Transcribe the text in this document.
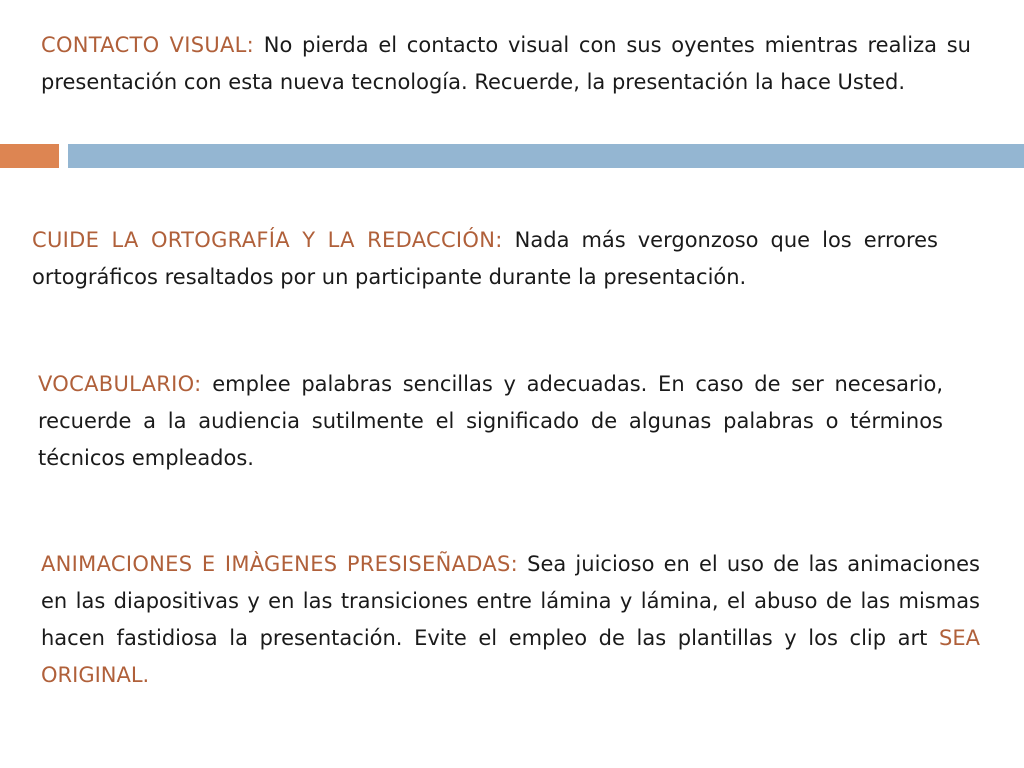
CONTACTO VISUAL: No pierda el contacto visual con sus oyentes mientras realiza su presentación con esta nueva tecnología. Recuerde, la presentación la hace Usted.

CUIDE LA ORTOGRAFÍA Y LA REDACCIÓN: Nada más vergonzoso que los errores ortográficos resaltados por un participante durante la presentación.

VOCABULARIO: emplee palabras sencillas y adecuadas. En caso de ser necesario, recuerde a la audiencia sutilmente el significado de algunas palabras o términos técnicos empleados.

ANIMACIONES E IMÀGENES PRESISEÑADAS: Sea juicioso en el uso de las animaciones en las diapositivas y en las transiciones entre lámina y lámina, el abuso de las mismas hacen fastidiosa la presentación. Evite el empleo de las plantillas y los clip art SEA ORIGINAL.
